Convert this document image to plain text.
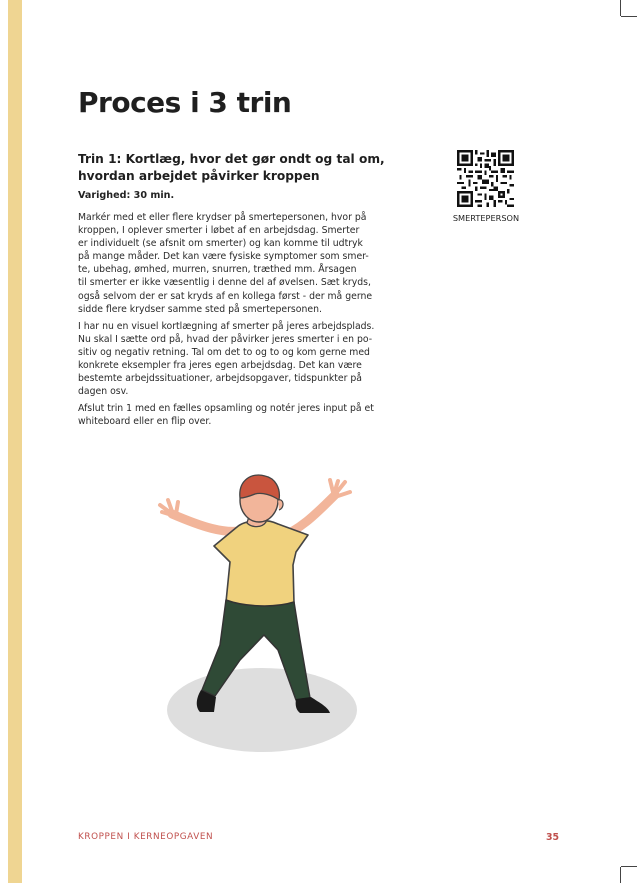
Proces i 3 trin
Trin 1: Kortlæg, hvor det gør ondt og tal om,
hvordan arbejdet påvirker kroppen
Varighed: 30 min.

Markér med et eller flere krydser på smertepersonen, hvor på
kroppen, I oplever smerter i løbet af en arbejdsdag. Smerter
er individuelt (se afsnit om smerter) og kan komme til udtryk
på mange måder. Det kan være fysiske symptomer som smer-
te, ubehag, ømhed, murren, snurren, træthed mm. Årsagen
til smerter er ikke væsentlig i denne del af øvelsen. Sæt kryds,
også selvom der er sat kryds af en kollega først - der må gerne
sidde flere krydser samme sted på smertepersonen.

I har nu en visuel kortlægning af smerter på jeres arbejdsplads.
Nu skal I sætte ord på, hvad der påvirker jeres smerter i en po-
sitiv og negativ retning. Tal om det to og to og kom gerne med
konkrete eksempler fra jeres egen arbejdsdag. Det kan være
bestemte arbejdssituationer, arbejdsopgaver, tidspunkter på
dagen osv.

Afslut trin 1 med en fælles opsamling og notér jeres input på et
whiteboard eller en flip over.

SMERTEPERSON
KROPPEN I KERNEOPGAVEN	35
